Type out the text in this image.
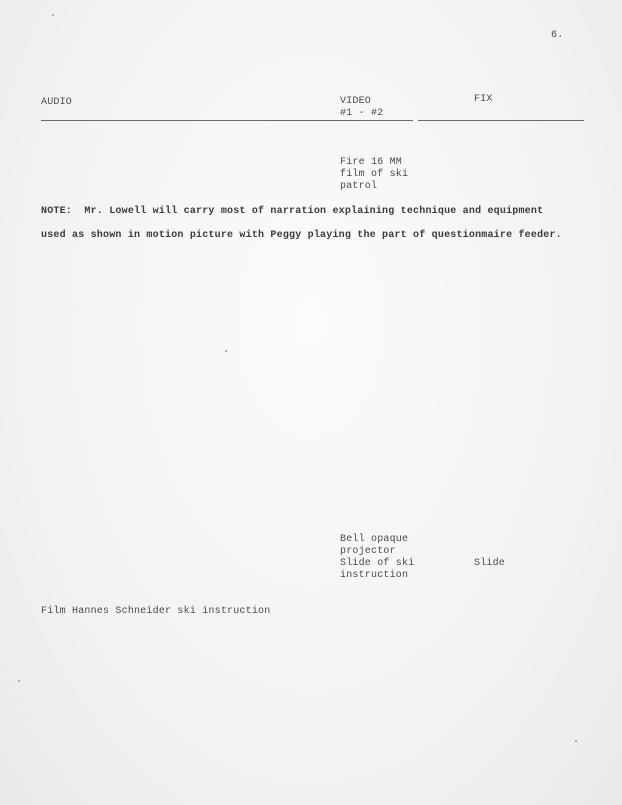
6.
AUDIO	VIDEO
#1 - #2
FIX
Fire 16 MM
film of ski
patrol
NOTE:  Mr. Lowell will carry most of narration explaining technique and equipment
used as shown in motion picture with Peggy playing the part of questionmaire feeder.
Bell opaque
projector
Slide of ski
instruction
Slide
Film Hannes Schneider ski instruction
